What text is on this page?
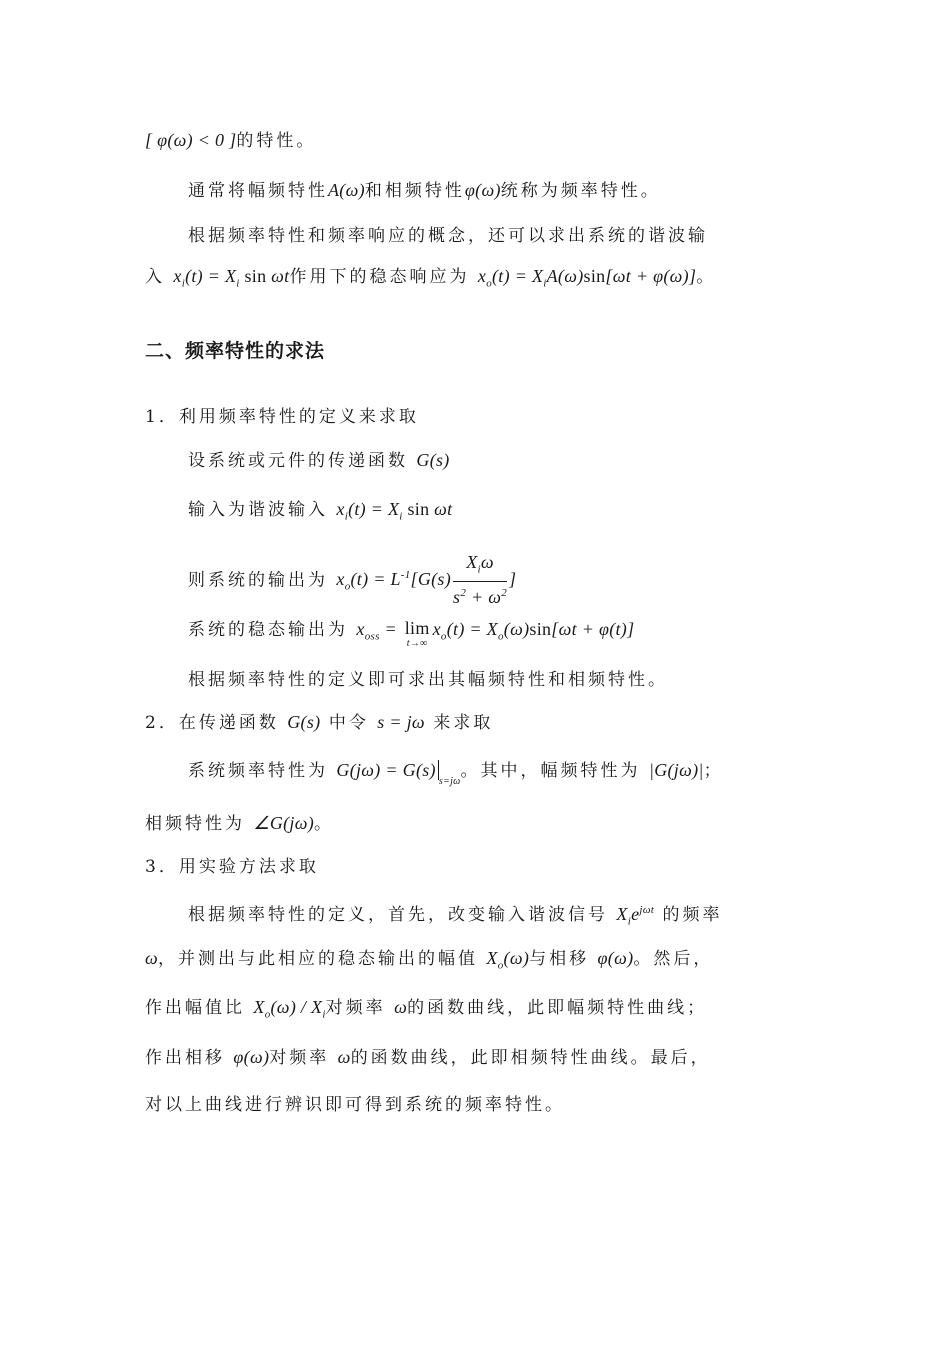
[ φ(ω) < 0 ]的特性。
通常将幅频特性A(ω)和相频特性φ(ω)统称为频率特性。
根据频率特性和频率响应的概念，还可以求出系统的谐波输
入 $x_i(t) = X_i$ sin ωt作用下的稳态响应为 $x_o(t) = X_iA(\omega)\sin[\omega t + \varphi(\omega)]$。
二、频率特性的求法
1．利用频率特性的定义来求取
设系统或元件的传递函数 G(s)
输入为谐波输入 $x_i(t) = X_i$ sin ωt
则系统的输出为 $x_o(t) = L^{-1}[G(s) \frac{X_i\omega}{s^2 + \omega^2}$ ]
系统的稳态输出为 $x_{oss} = \lim$
t→∞
$x_o(t) = X_o(\omega)\sin[\omega t + \varphi(t)]$
根据频率特性的定义即可求出其幅频特性和相频特性。
2．在传递函数 G(s) 中令 s = jω 来求取
系统频率特性为 $G(j\omega) = G(s)_{s=j\omega}$。其中，幅频特性为 |G(jω)|；
相频特性为 ∠G(jω)。
3．用实验方法求取
根据频率特性的定义，首先，改变输入谐波信号 $X_ie^{j\omega t}$ 的频率
ω，并测出与此相应的稳态输出的幅值 $X_o(\omega)$与相移 φ(ω)。然后，
作出幅值比 $X_o(\omega) / X_i$对频率 ω的函数曲线，此即幅频特性曲线；
作出相移 φ(ω)对频率 ω的函数曲线，此即相频特性曲线。最后，
对以上曲线进行辨识即可得到系统的频率特性。
